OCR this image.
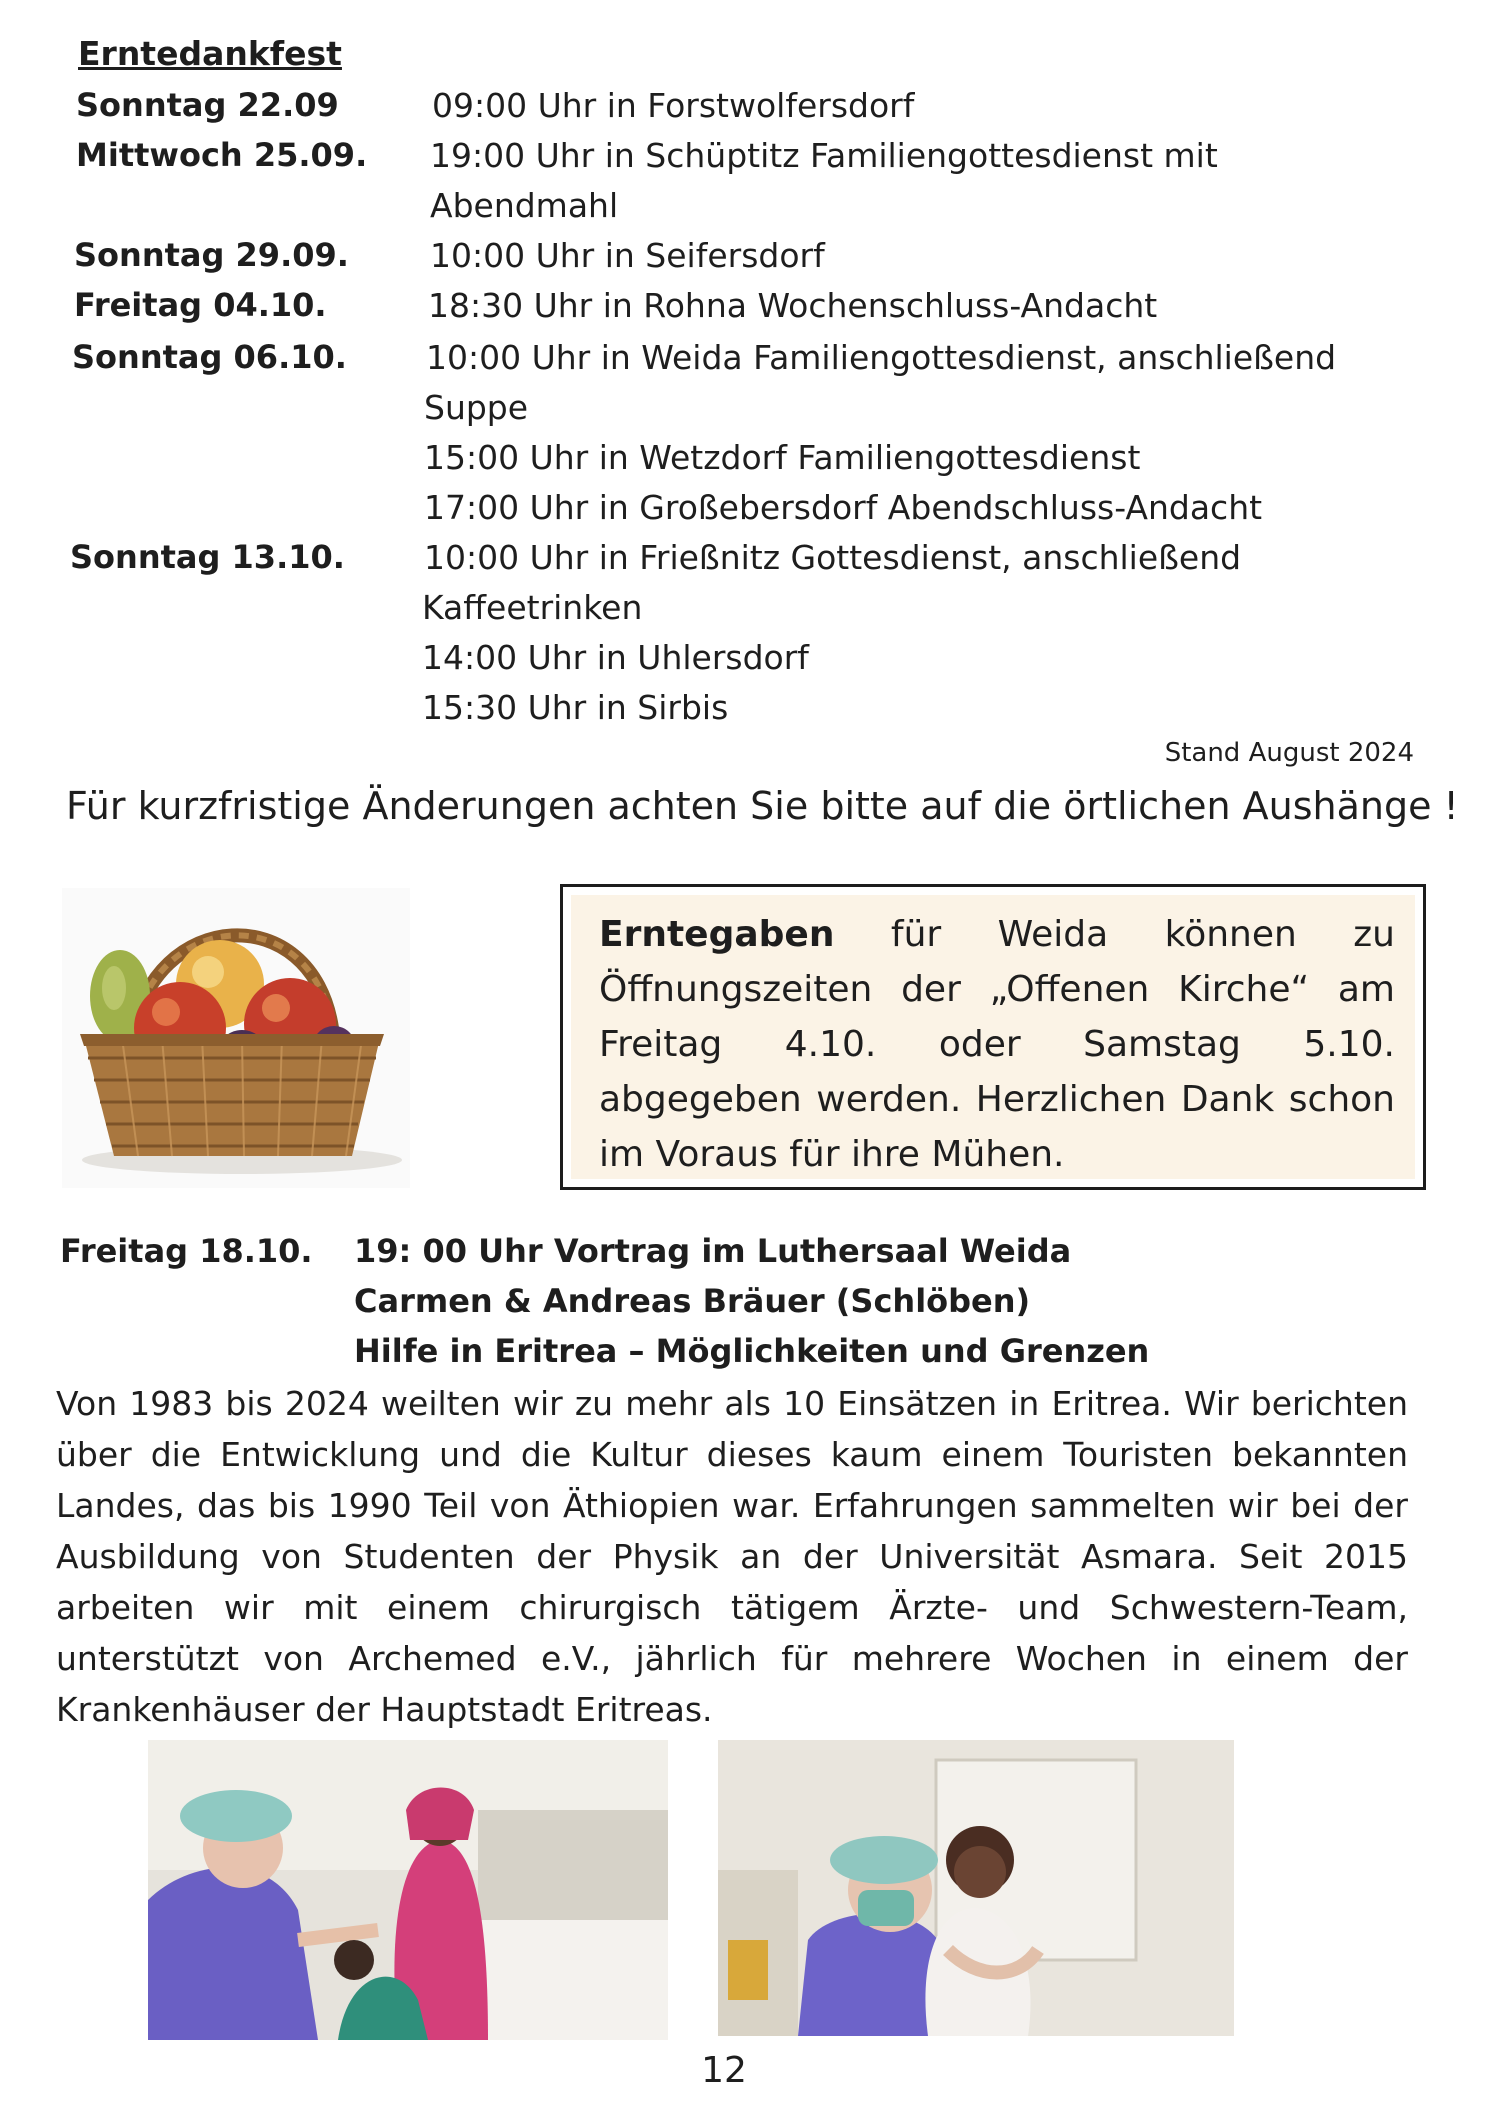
Erntedankfest
Sonntag 22.09	09:00 Uhr in Forstwolfersdorf
Mittwoch 25.09. 19:00 Uhr in Schüptitz Familiengottesdienst mit
Abendmahl
Sonntag 29.09. 10:00 Uhr in Seifersdorf
Freitag 04.10.	18:30 Uhr in Rohna Wochenschluss-Andacht
Sonntag 06.10. 10:00 Uhr in Weida Familiengottesdienst, anschließend
Suppe
15:00 Uhr in Wetzdorf Familiengottesdienst
17:00 Uhr in Großebersdorf Abendschluss-Andacht
Sonntag 13.10. 10:00 Uhr in Frießnitz Gottesdienst, anschließend
Kaffeetrinken
14:00 Uhr in Uhlersdorf
15:30 Uhr in Sirbis
Stand August 2024
Für kurzfristige Änderungen achten Sie bitte auf die örtlichen Aushänge !
Erntegaben für Weida können zu Öffnungszeiten der „Offenen Kirche“ am Freitag 4.10. oder Samstag 5.10. abgegeben werden. Herzlichen Dank schon im Voraus für ihre Mühen.
Freitag 18.10. 19: 00 Uhr Vortrag im Luthersaal Weida
Carmen & Andreas Bräuer (Schlöben)
Hilfe in Eritrea – Möglichkeiten und Grenzen
Von 1983 bis 2024 weilten wir zu mehr als 10 Einsätzen in Eritrea. Wir berichten über die Entwicklung und die Kultur dieses kaum einem Touristen bekannten Landes, das bis 1990 Teil von Äthiopien war. Erfahrungen sammelten wir bei der Ausbildung von Studenten der Physik an der Universität Asmara. Seit 2015 arbeiten wir mit einem chirurgisch tätigem Ärzte- und Schwestern-Team, unterstützt von Archemed e.V., jährlich für mehrere Wochen in einem der Krankenhäuser der Hauptstadt Eritreas.
12
